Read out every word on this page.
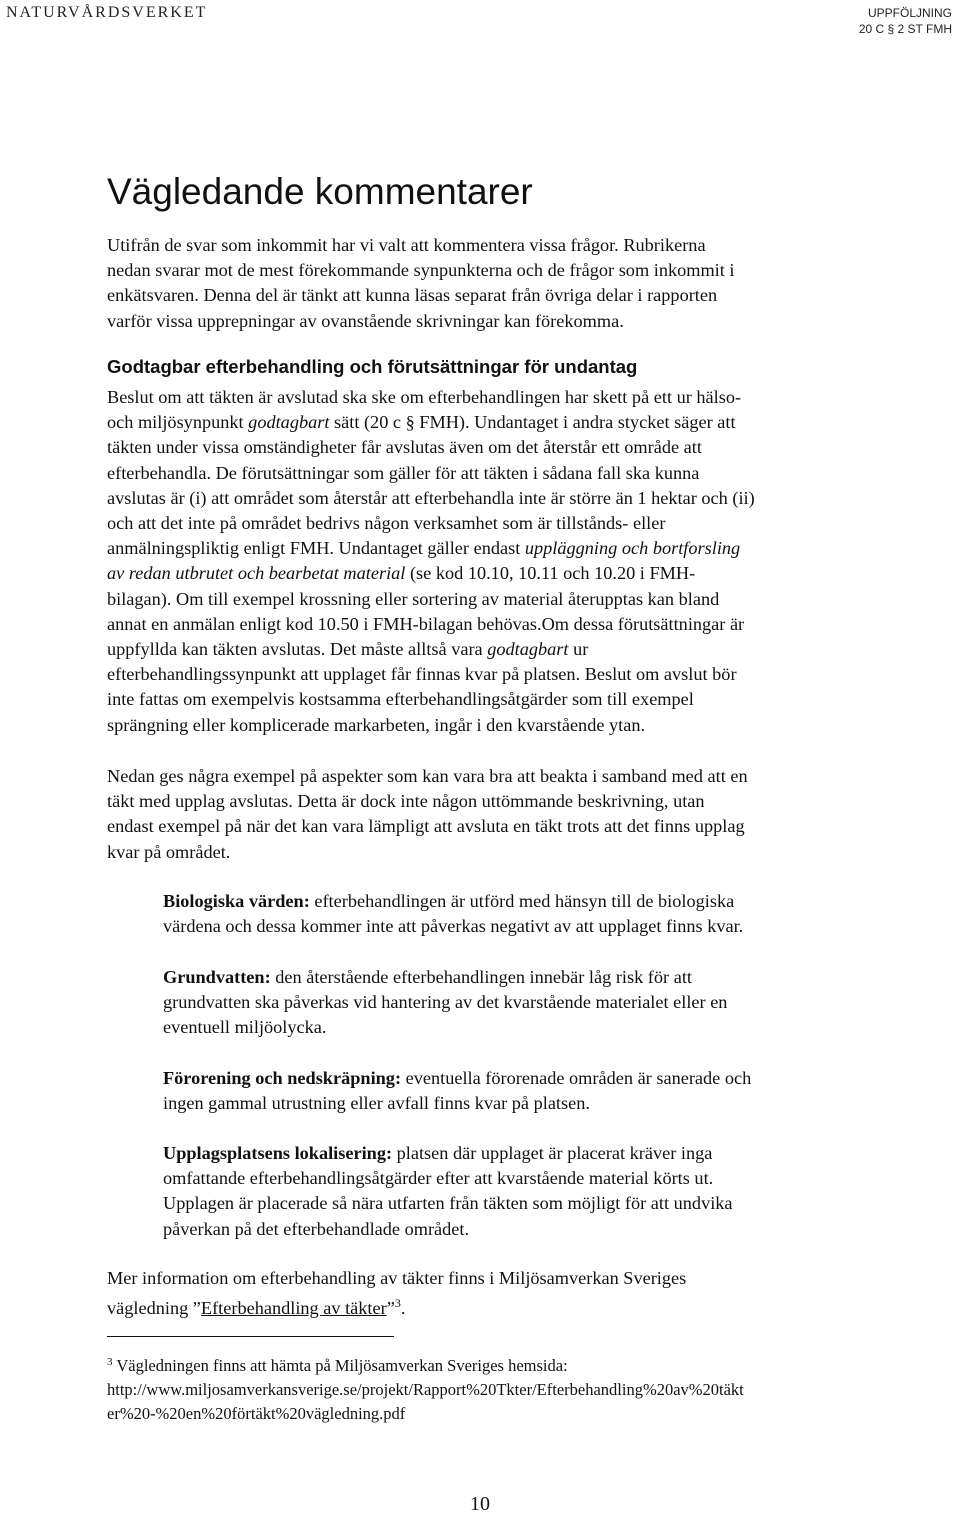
NATURVÅRDSVERKET	UPPFÖLJNING
20 C § 2 ST FMH
Vägledande kommentarer
Utifrån de svar som inkommit har vi valt att kommentera vissa frågor. Rubrikerna
nedan svarar mot de mest förekommande synpunkterna och de frågor som inkommit i
enkätsvaren. Denna del är tänkt att kunna läsas separat från övriga delar i rapporten
varför vissa upprepningar av ovanstående skrivningar kan förekomma.
Godtagbar efterbehandling och förutsättningar för undantag
Beslut om att täkten är avslutad ska ske om efterbehandlingen har skett på ett ur hälso-
och miljösynpunkt godtagbart sätt (20 c § FMH). Undantaget i andra stycket säger att
täkten under vissa omständigheter får avslutas även om det återstår ett område att
efterbehandla. De förutsättningar som gäller för att täkten i sådana fall ska kunna
avslutas är (i) att området som återstår att efterbehandla inte är större än 1 hektar och (ii)
och att det inte på området bedrivs någon verksamhet som är tillstånds- eller
anmälningspliktig enligt FMH. Undantaget gäller endast uppläggning och bortforsling
av redan utbrutet och bearbetat material (se kod 10.10, 10.11 och 10.20 i FMH-
bilagan). Om till exempel krossning eller sortering av material återupptas kan bland
annat en anmälan enligt kod 10.50 i FMH-bilagan behövas.Om dessa förutsättningar är
uppfyllda kan täkten avslutas. Det måste alltså vara godtagbart ur
efterbehandlingssynpunkt att upplaget får finnas kvar på platsen. Beslut om avslut bör
inte fattas om exempelvis kostsamma efterbehandlingsåtgärder som till exempel
sprängning eller komplicerade markarbeten, ingår i den kvarstående ytan.
Nedan ges några exempel på aspekter som kan vara bra att beakta i samband med att en
täkt med upplag avslutas. Detta är dock inte någon uttömmande beskrivning, utan
endast exempel på när det kan vara lämpligt att avsluta en täkt trots att det finns upplag
kvar på området.
Biologiska värden: efterbehandlingen är utförd med hänsyn till de biologiska
värdena och dessa kommer inte att påverkas negativt av att upplaget finns kvar.
Grundvatten: den återstående efterbehandlingen innebär låg risk för att
grundvatten ska påverkas vid hantering av det kvarstående materialet eller en
eventuell miljöolycka.
Förorening och nedskräpning: eventuella förorenade områden är sanerade och
ingen gammal utrustning eller avfall finns kvar på platsen.
Upplagsplatsens lokalisering: platsen där upplaget är placerat kräver inga
omfattande efterbehandlingsåtgärder efter att kvarstående material körts ut.
Upplagen är placerade så nära utfarten från täkten som möjligt för att undvika
påverkan på det efterbehandlade området.
Mer information om efterbehandling av täkter finns i Miljösamverkan Sveriges
vägledning ”Efterbehandling av täkter”$^3$.
$^3$ Vägledningen finns att hämta på Miljösamverkan Sveriges hemsida:
http://www.miljosamverkansverige.se/projekt/Rapport%20Tkter/Efterbehandling%20av%20täkt
er%20-%20en%20förtäkt%20vägledning.pdf
10
